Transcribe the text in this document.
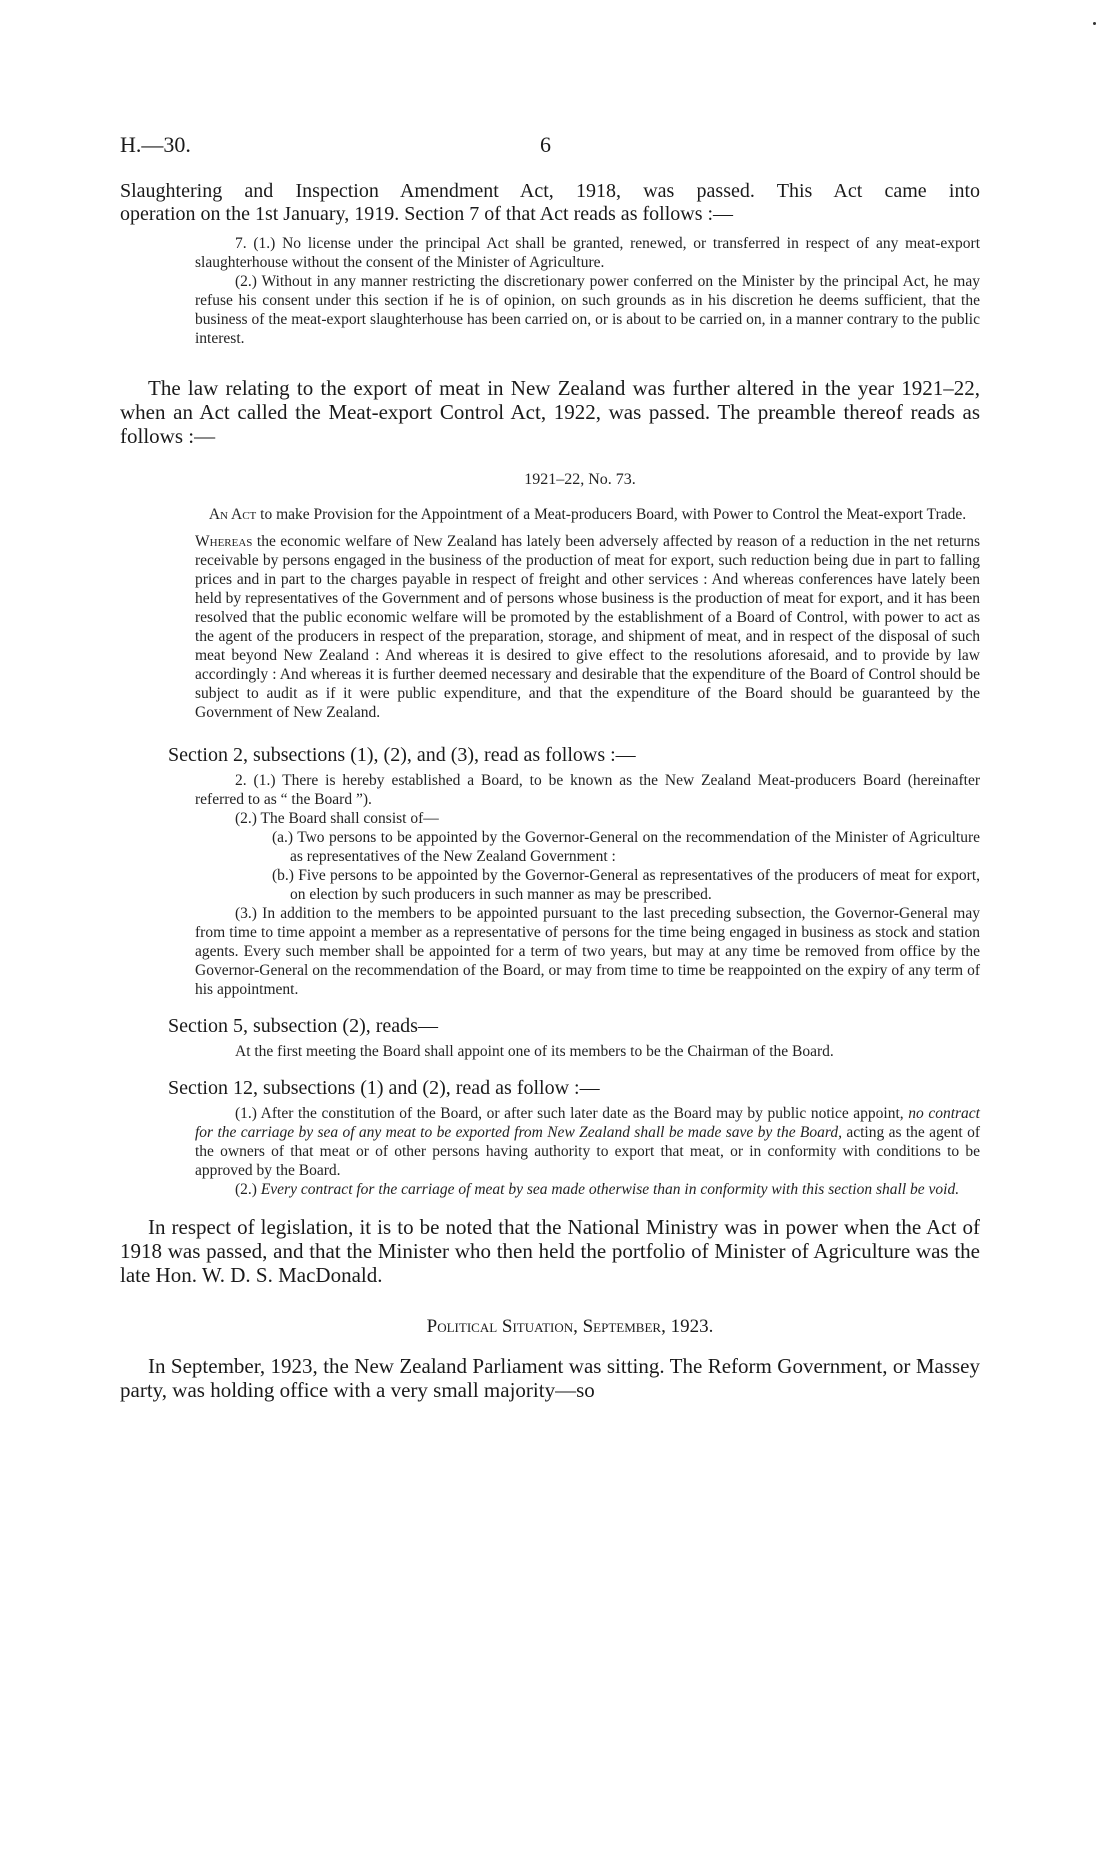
H.—30.	6

Slaughtering and Inspection Amendment Act, 1918, was passed. This Act came into

operation on the 1st January, 1919. Section 7 of that Act reads as follows :—

7. (1.) No license under the principal Act shall be granted, renewed, or transferred in respect of any meat-export slaughterhouse without the consent of the Minister of Agriculture.

(2.) Without in any manner restricting the discretionary power conferred on the Minister by the principal Act, he may refuse his consent under this section if he is of opinion, on such grounds as in his discretion he deems sufficient, that the business of the meat-export slaughterhouse has been carried on, or is about to be carried on, in a manner contrary to the public interest.

The law relating to the export of meat in New Zealand was further altered in the year 1921–22, when an Act called the Meat-export Control Act, 1922, was passed. The preamble thereof reads as follows :—

1921–22, No. 73.

An Act to make Provision for the Appointment of a Meat-producers Board, with Power to Control the Meat-export Trade.

Whereas the economic welfare of New Zealand has lately been adversely affected by reason of a reduction in the net returns receivable by persons engaged in the business of the production of meat for export, such reduction being due in part to falling prices and in part to the charges payable in respect of freight and other services : And whereas conferences have lately been held by representatives of the Government and of persons whose business is the production of meat for export, and it has been resolved that the public economic welfare will be promoted by the establishment of a Board of Control, with power to act as the agent of the producers in respect of the preparation, storage, and shipment of meat, and in respect of the disposal of such meat beyond New Zealand : And whereas it is desired to give effect to the resolutions aforesaid, and to provide by law accordingly : And whereas it is further deemed necessary and desirable that the expenditure of the Board of Control should be subject to audit as if it were public expenditure, and that the expenditure of the Board should be guaranteed by the Government of New Zealand.

Section 2, subsections (1), (2), and (3), read as follows :—

2. (1.) There is hereby established a Board, to be known as the New Zealand Meat-producers Board (hereinafter referred to as “ the Board ”).

(2.) The Board shall consist of—

(a.) Two persons to be appointed by the Governor-General on the recommendation of the Minister of Agriculture as representatives of the New Zealand Government :

(b.) Five persons to be appointed by the Governor-General as representatives of the producers of meat for export, on election by such producers in such manner as may be prescribed.

(3.) In addition to the members to be appointed pursuant to the last preceding subsection, the Governor-General may from time to time appoint a member as a representative of persons for the time being engaged in business as stock and station agents. Every such member shall be appointed for a term of two years, but may at any time be removed from office by the Governor-General on the recommendation of the Board, or may from time to time be reappointed on the expiry of any term of his appointment.

Section 5, subsection (2), reads—

At the first meeting the Board shall appoint one of its members to be the Chairman of the Board.

Section 12, subsections (1) and (2), read as follow :—

(1.) After the constitution of the Board, or after such later date as the Board may by public notice appoint, no contract for the carriage by sea of any meat to be exported from New Zealand shall be made save by the Board, acting as the agent of the owners of that meat or of other persons having authority to export that meat, or in conformity with conditions to be approved by the Board.

(2.) Every contract for the carriage of meat by sea made otherwise than in conformity with this section shall be void.

In respect of legislation, it is to be noted that the National Ministry was in power when the Act of 1918 was passed, and that the Minister who then held the portfolio of Minister of Agriculture was the late Hon. W. D. S. MacDonald.

Political Situation, September, 1923.

In September, 1923, the New Zealand Parliament was sitting. The Reform Government, or Massey party, was holding office with a very small majority—so
